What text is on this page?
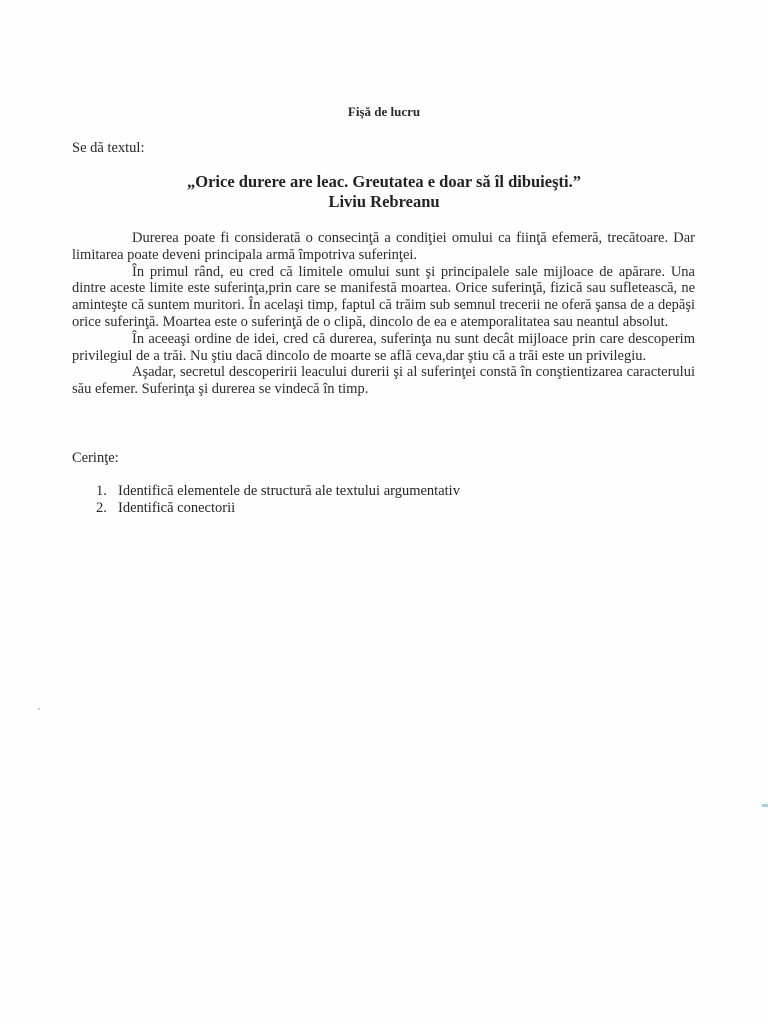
Fişă de lucru
Se dă textul:
„Orice durere are leac. Greutatea e doar să îl dibuieşti.”
Liviu Rebreanu

Durerea poate fi considerată o consecinţă a condiţiei omului ca fiinţă efemeră, trecătoare. Dar limitarea poate deveni principala armă împotriva suferinţei.

În primul rând, eu cred că limitele omului sunt şi principalele sale mijloace de apărare. Una dintre aceste limite este suferinţa,prin care se manifestă moartea. Orice suferinţă, fizică sau sufletească, ne aminteşte că suntem muritori. În acelaşi timp, faptul că trăim sub semnul trecerii ne oferă şansa de a depăşi orice suferinţă. Moartea este o suferinţă de o clipă, dincolo de ea e atemporalitatea sau neantul absolut.

În aceeaşi ordine de idei, cred că durerea, suferinţa nu sunt decât mijloace prin care descoperim privilegiul de a trăi. Nu ştiu dacă dincolo de moarte se află ceva,dar ştiu că a trăi este un privilegiu.

Aşadar, secretul descoperirii leacului durerii şi al suferinţei constă în conştientizarea caracterului său efemer. Suferinţa şi durerea se vindecă în timp.

Cerinţe:
1. Identifică elementele de structură ale textului argumentativ
2. Identifică conectorii
